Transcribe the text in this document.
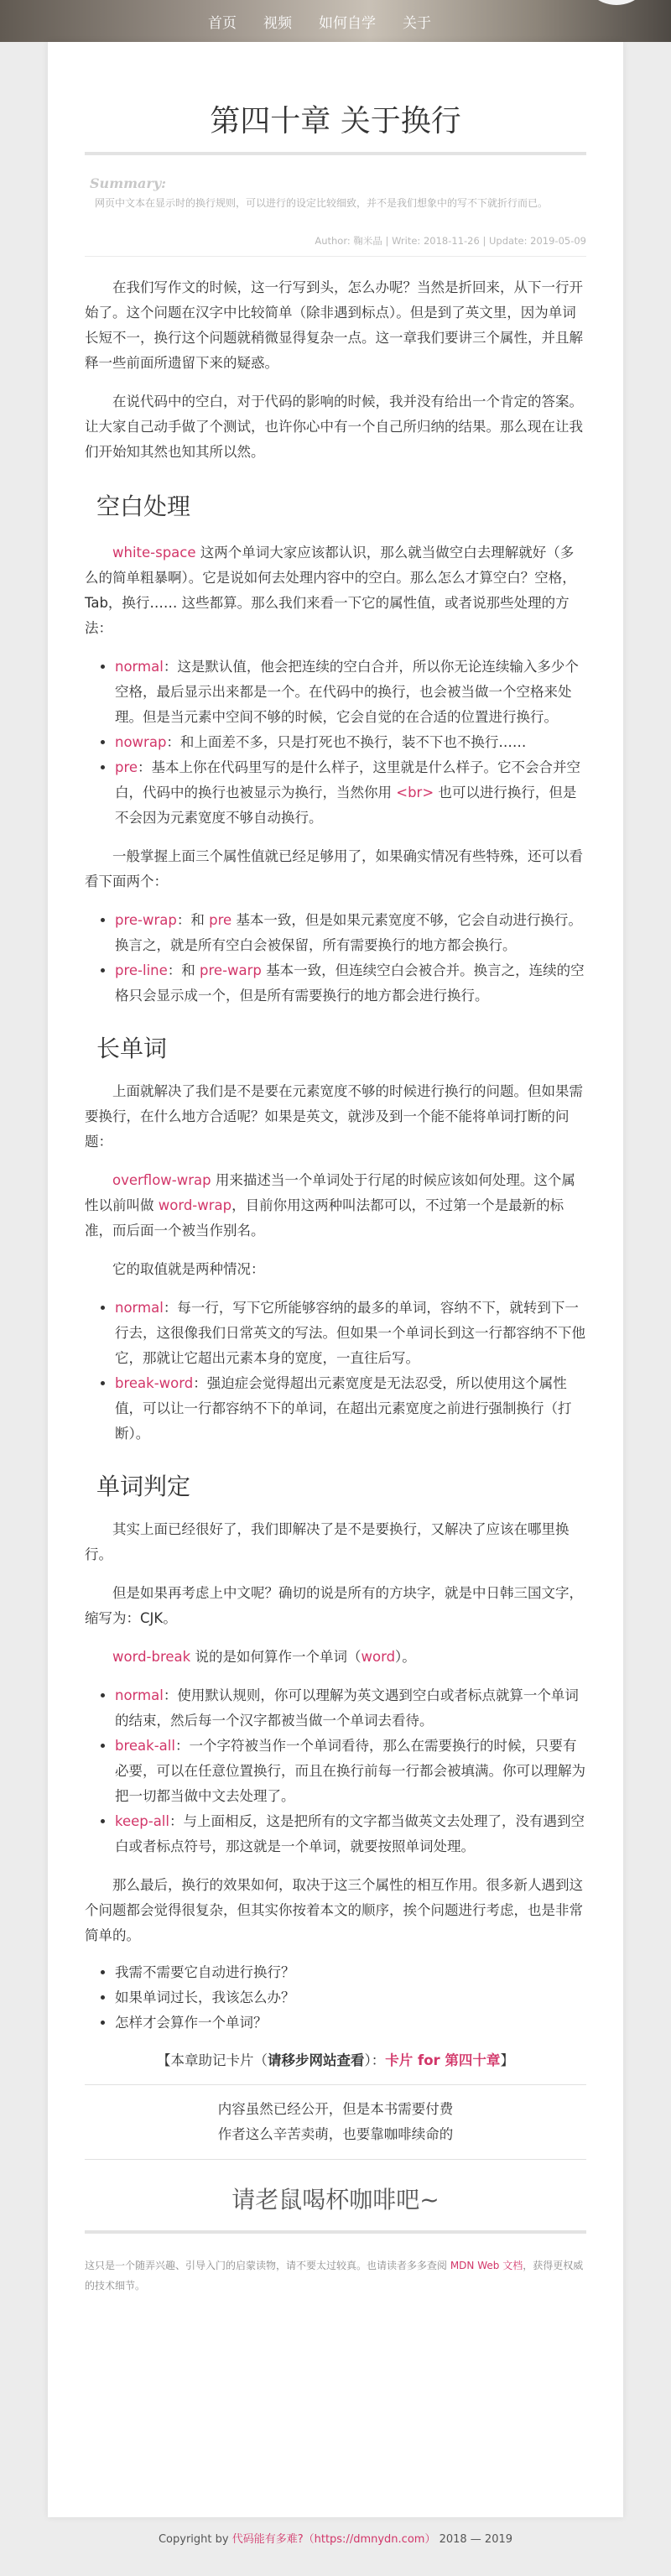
首页 视频 如何自学 关于
第四十章 关于换行
Summary:
网页中文本在显示时的换行规则，可以进行的设定比较细致，并不是我们想象中的写不下就折行而已。
Author: 鞠米晶 | Write: 2018-11-26 | Update: 2019-05-09

在我们写作文的时候，这一行写到头，怎么办呢？当然是折回来，从下一行开始了。这个问题在汉字中比较简单（除非遇到标点）。但是到了英文里，因为单词长短不一，换行这个问题就稍微显得复杂一点。这一章我们要讲三个属性，并且解释一些前面所遗留下来的疑惑。

在说代码中的空白，对于代码的影响的时候，我并没有给出一个肯定的答案。让大家自己动手做了个测试，也许你心中有一个自己所归纳的结果。那么现在让我们开始知其然也知其所以然。

空白处理

white-space 这两个单词大家应该都认识，那么就当做空白去理解就好（多么的简单粗暴啊）。它是说如何去处理内容中的空白。那么怎么才算空白？空格，Tab，换行…… 这些都算。那么我们来看一下它的属性值，或者说那些处理的方法：

• normal：这是默认值，他会把连续的空白合并，所以你无论连续输入多少个空格，最后显示出来都是一个。在代码中的换行，也会被当做一个空格来处理。但是当元素中空间不够的时候，它会自觉的在合适的位置进行换行。
• nowrap：和上面差不多，只是打死也不换行，装不下也不换行……
• pre：基本上你在代码里写的是什么样子，这里就是什么样子。它不会合并空白，代码中的换行也被显示为换行，当然你用 <br> 也可以进行换行，但是不会因为元素宽度不够自动换行。

一般掌握上面三个属性值就已经足够用了，如果确实情况有些特殊，还可以看看下面两个：

• pre-wrap：和 pre 基本一致，但是如果元素宽度不够，它会自动进行换行。换言之，就是所有空白会被保留，所有需要换行的地方都会换行。
• pre-line：和 pre-warp 基本一致，但连续空白会被合并。换言之，连续的空格只会显示成一个，但是所有需要换行的地方都会进行换行。
长单词

上面就解决了我们是不是要在元素宽度不够的时候进行换行的问题。但如果需要换行，在什么地方合适呢？如果是英文，就涉及到一个能不能将单词打断的问题：

overflow-wrap 用来描述当一个单词处于行尾的时候应该如何处理。这个属性以前叫做 word-wrap，目前你用这两种叫法都可以，不过第一个是最新的标准，而后面一个被当作别名。

它的取值就是两种情况：

• normal：每一行，写下它所能够容纳的最多的单词，容纳不下，就转到下一行去，这很像我们日常英文的写法。但如果一个单词长到这一行都容纳不下他它，那就让它超出元素本身的宽度，一直往后写。
• break-word：强迫症会觉得超出元素宽度是无法忍受，所以使用这个属性值，可以让一行都容纳不下的单词，在超出元素宽度之前进行强制换行（打断）。
单词判定

其实上面已经很好了，我们即解决了是不是要换行，又解决了应该在哪里换行。

但是如果再考虑上中文呢？确切的说是所有的方块字，就是中日韩三国文字，缩写为：CJK。

word-break 说的是如何算作一个单词（word）。

• normal：使用默认规则，你可以理解为英文遇到空白或者标点就算一个单词的结束，然后每一个汉字都被当做一个单词去看待。
• break-all：一个字符被当作一个单词看待，那么在需要换行的时候，只要有必要，可以在任意位置换行，而且在换行前每一行都会被填满。你可以理解为把一切都当做中文去处理了。
• keep-all：与上面相反，这是把所有的文字都当做英文去处理了，没有遇到空白或者标点符号，那这就是一个单词，就要按照单词处理。

那么最后，换行的效果如何，取决于这三个属性的相互作用。很多新人遇到这个问题都会觉得很复杂，但其实你按着本文的顺序，挨个问题进行考虑，也是非常简单的。

• 我需不需要它自动进行换行？
• 如果单词过长，我该怎么办？
• 怎样才会算作一个单词？
【本章助记卡片（请移步网站查看）：卡片 for 第四十章】
内容虽然已经公开，但是本书需要付费
作者这么辛苦卖萌，也要靠咖啡续命的
请老鼠喝杯咖啡吧~
这只是一个随弄兴趣、引导入门的启蒙读物，请不要太过较真。也请读者多多查阅 MDN Web 文档，获得更权威的技术细节。
Copyright by 代码能有多难?（https://dmnydn.com） 2018 — 2019
